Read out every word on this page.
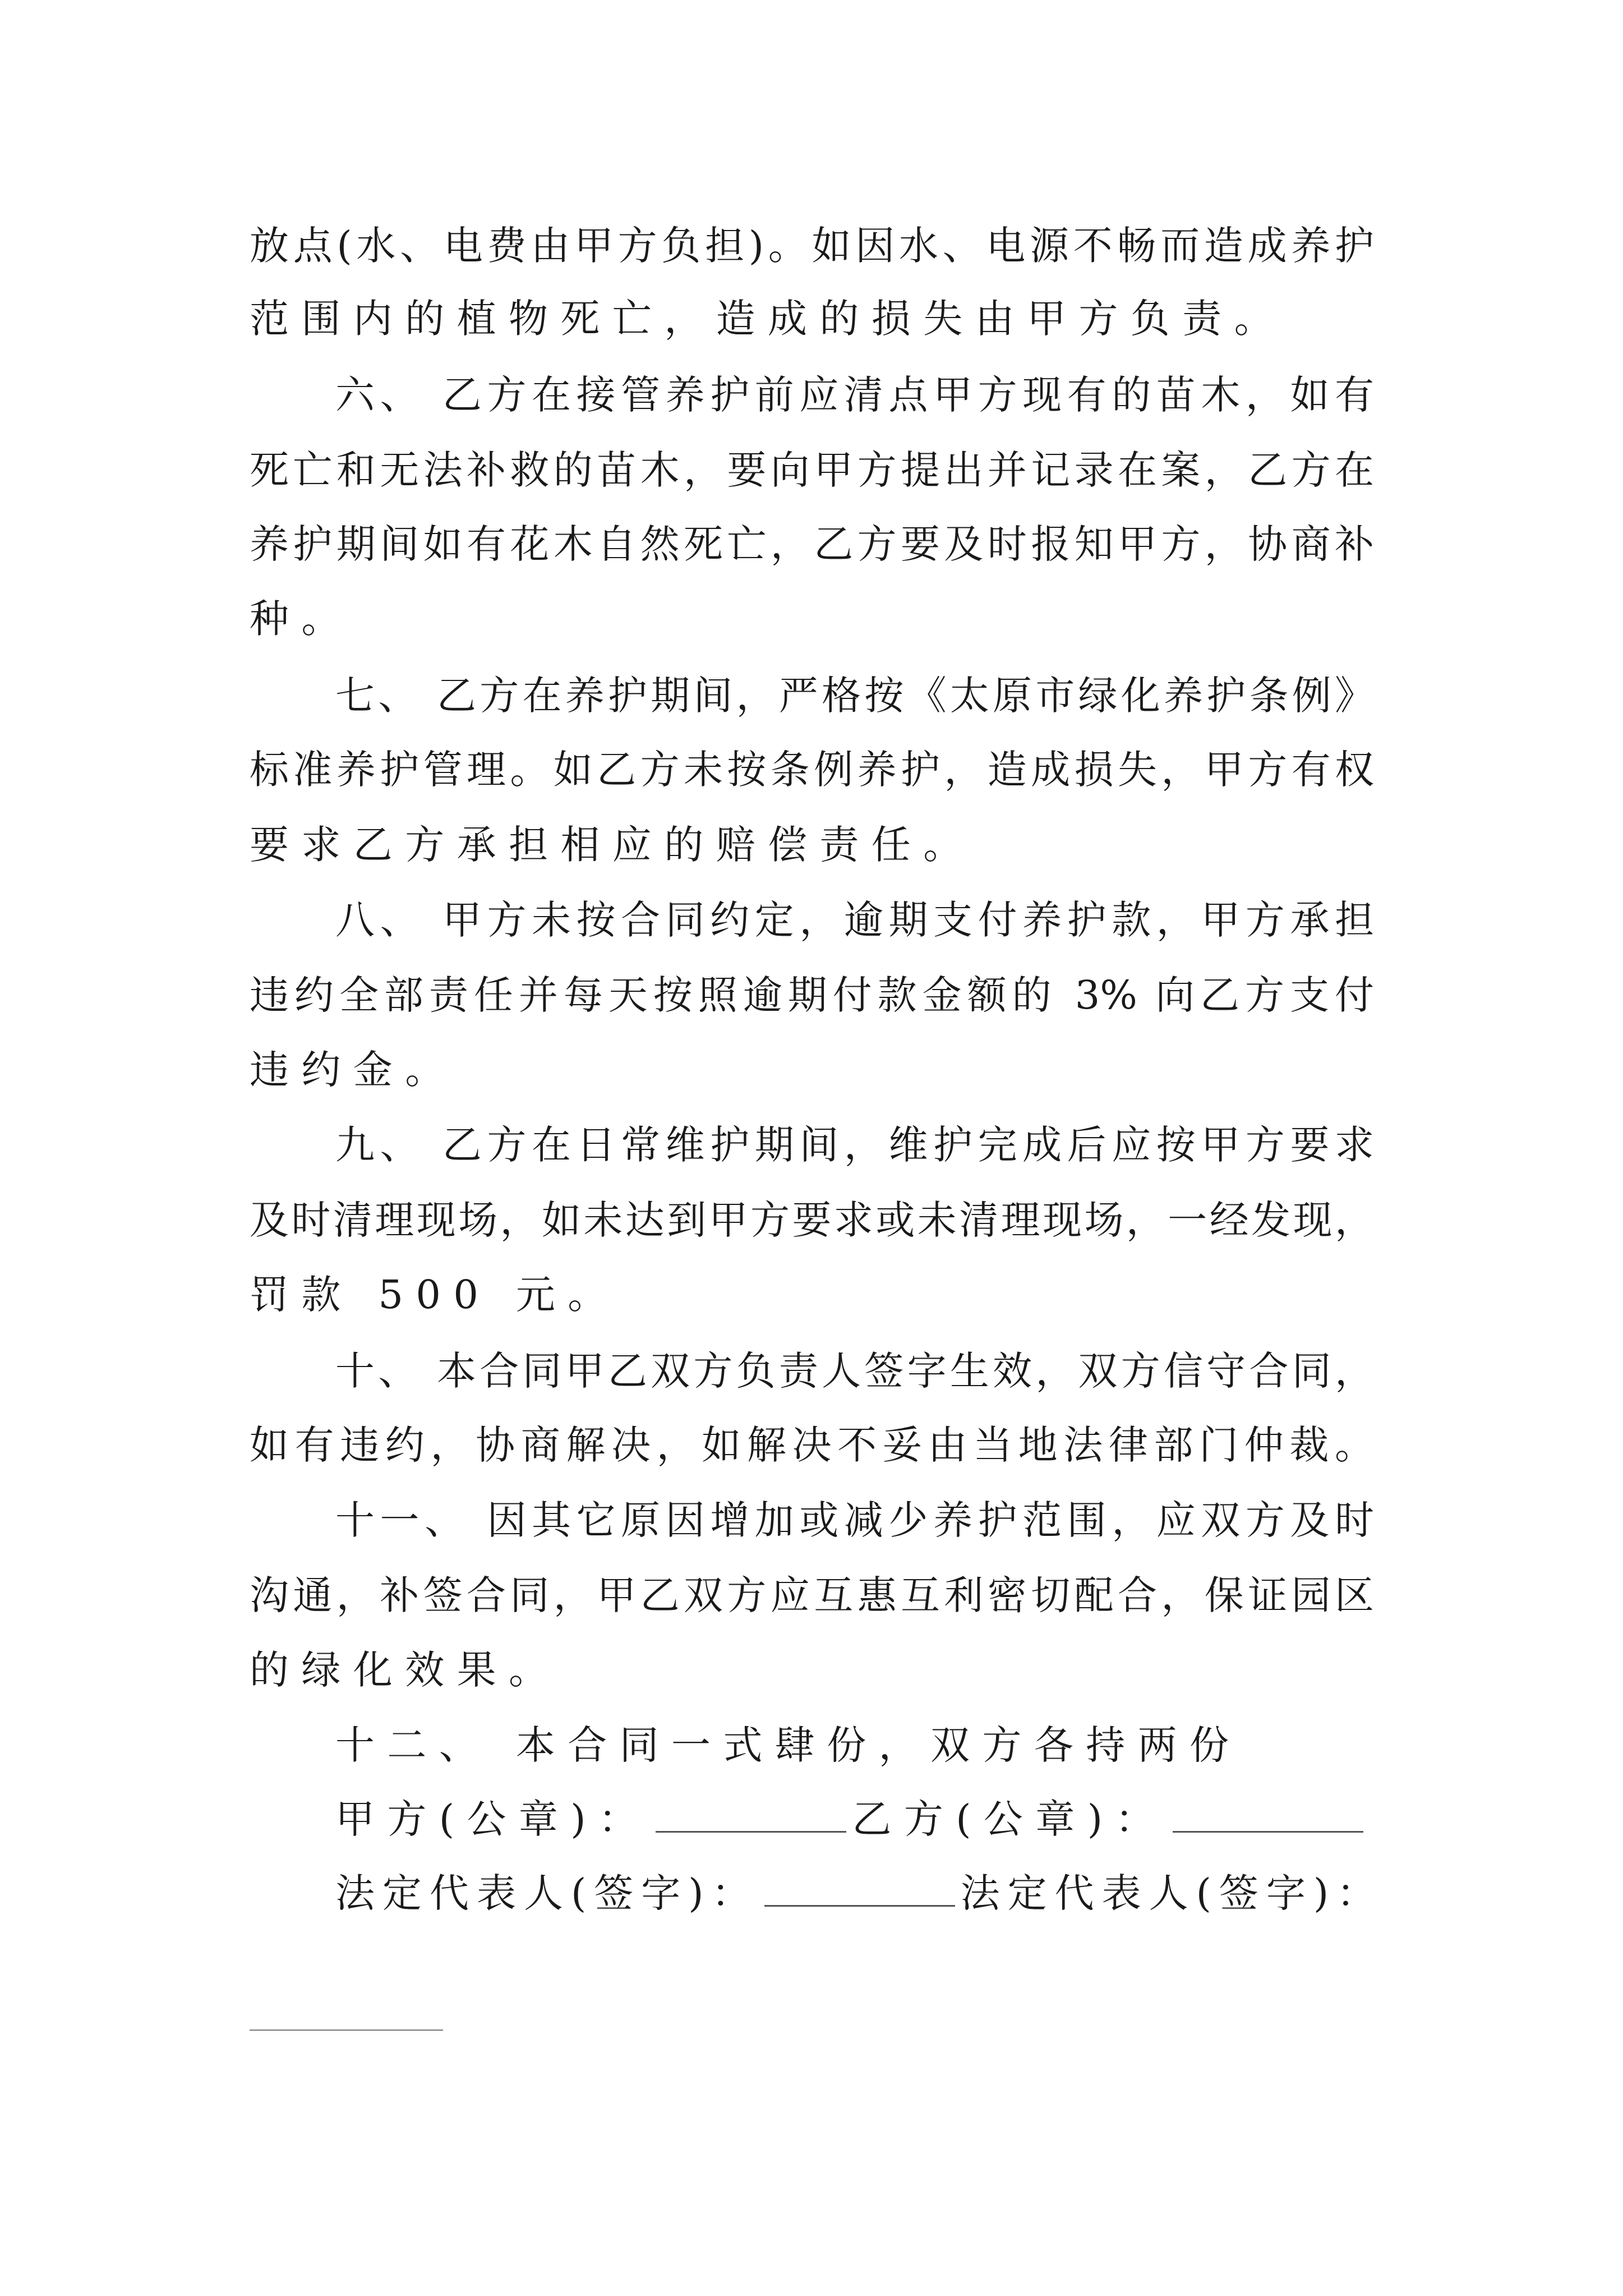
放点(水、电费由甲方负担)。如因水、电源不畅而造成养护
范围内的植物死亡，造成的损失由甲方负责。
六、 乙方在接管养护前应清点甲方现有的苗木，如有
死亡和无法补救的苗木，要向甲方提出并记录在案，乙方在
养护期间如有花木自然死亡，乙方要及时报知甲方，协商补
种。
七、 乙方在养护期间，严格按《太原市绿化养护条例》
标准养护管理。如乙方未按条例养护，造成损失，甲方有权
要求乙方承担相应的赔偿责任。
八、 甲方未按合同约定，逾期支付养护款，甲方承担
违约全部责任并每天按照逾期付款金额的 3% 向乙方支付
违约金。
九、 乙方在日常维护期间，维护完成后应按甲方要求
及时清理现场，如未达到甲方要求或未清理现场，一经发现，
罚款 500 元。
十、 本合同甲乙双方负责人签字生效，双方信守合同，
如有违约，协商解决，如解决不妥由当地法律部门仲裁。
十一、 因其它原因增加或减少养护范围，应双方及时
沟通，补签合同，甲乙双方应互惠互利密切配合，保证园区
的绿化效果。
十二、 本合同一式肆份，双方各持两份
甲方(公章)：	乙方(公章)：
法定代表人(签字)：	法定代表人(签字)：
